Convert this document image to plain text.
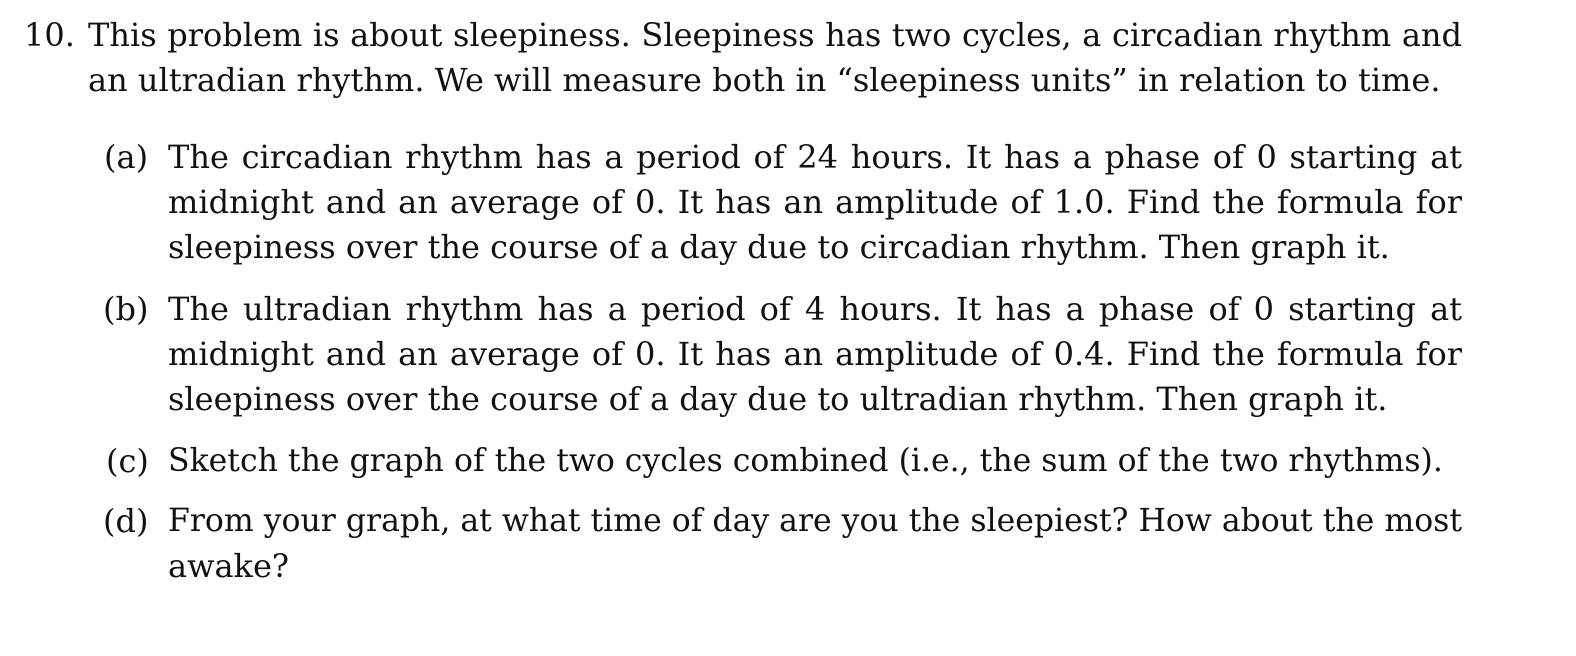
10. This problem is about sleepiness. Sleepiness has two cycles, a circadian rhythm and
an ultradian rhythm. We will measure both in “sleepiness units” in relation to time.
(a) The circadian rhythm has a period of 24 hours. It has a phase of 0 starting at
midnight and an average of 0. It has an amplitude of 1.0. Find the formula for
sleepiness over the course of a day due to circadian rhythm. Then graph it.
(b) The ultradian rhythm has a period of 4 hours. It has a phase of 0 starting at
midnight and an average of 0. It has an amplitude of 0.4. Find the formula for
sleepiness over the course of a day due to ultradian rhythm. Then graph it.
(c) Sketch the graph of the two cycles combined (i.e., the sum of the two rhythms).
(d) From your graph, at what time of day are you the sleepiest? How about the most
awake?
